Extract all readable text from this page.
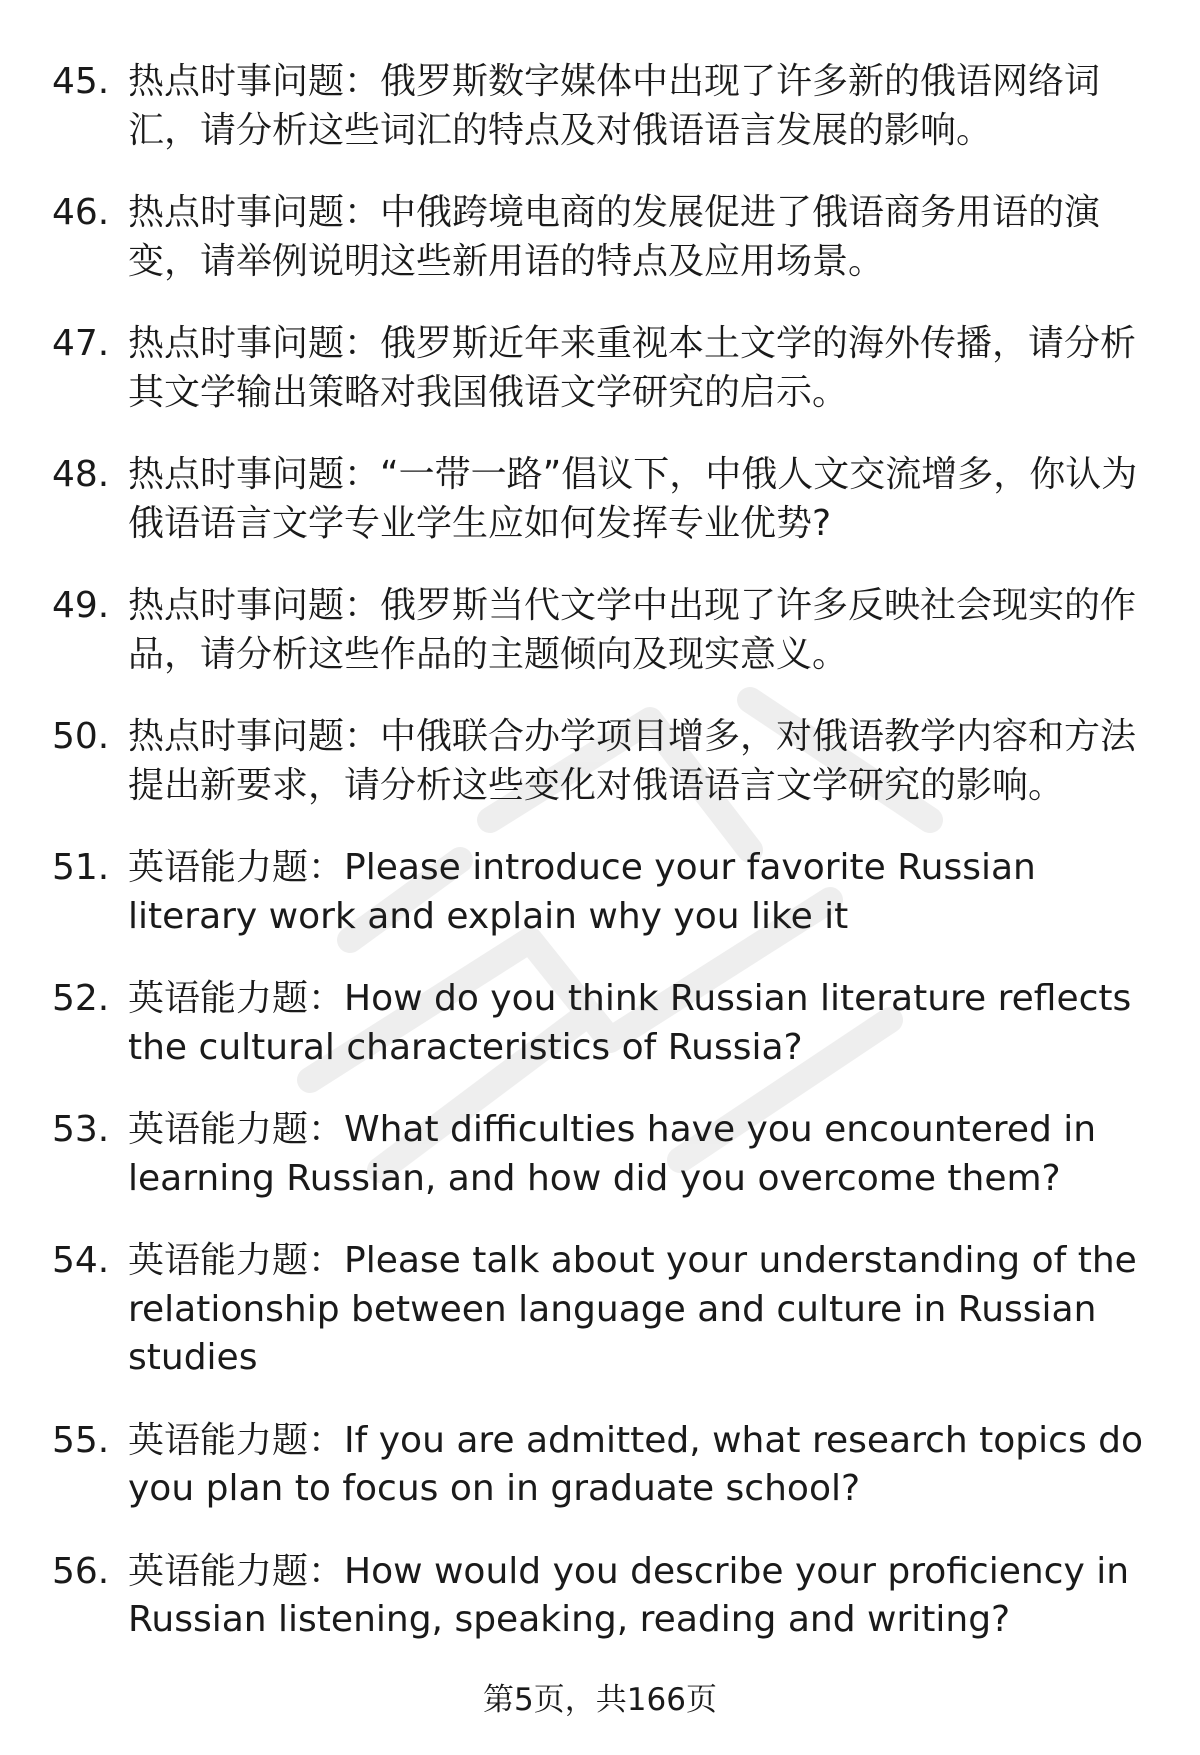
45. 热点时事问题：俄罗斯数字媒体中出现了许多新的俄语网络词汇，请分析这些词汇的特点及对俄语语言发展的影响。
46. 热点时事问题：中俄跨境电商的发展促进了俄语商务用语的演变，请举例说明这些新用语的特点及应用场景。
47. 热点时事问题：俄罗斯近年来重视本土文学的海外传播，请分析其文学输出策略对我国俄语文学研究的启示。
48. 热点时事问题：“一带一路”倡议下，中俄人文交流增多，你认为俄语语言文学专业学生应如何发挥专业优势?
49. 热点时事问题：俄罗斯当代文学中出现了许多反映社会现实的作品，请分析这些作品的主题倾向及现实意义。
50. 热点时事问题：中俄联合办学项目增多，对俄语教学内容和方法提出新要求，请分析这些变化对俄语语言文学研究的影响。
51. 英语能力题：Please introduce your favorite Russian literary work and explain why you like it
52. 英语能力题：How do you think Russian literature reflects the cultural characteristics of Russia?
53. 英语能力题：What difficulties have you encountered in learning Russian, and how did you overcome them?
54. 英语能力题：Please talk about your understanding of the relationship between language and culture in Russian studies
55. 英语能力题：If you are admitted, what research topics do you plan to focus on in graduate school?
56. 英语能力题：How would you describe your proficiency in Russian listening, speaking, reading and writing?
第5页，共166页
